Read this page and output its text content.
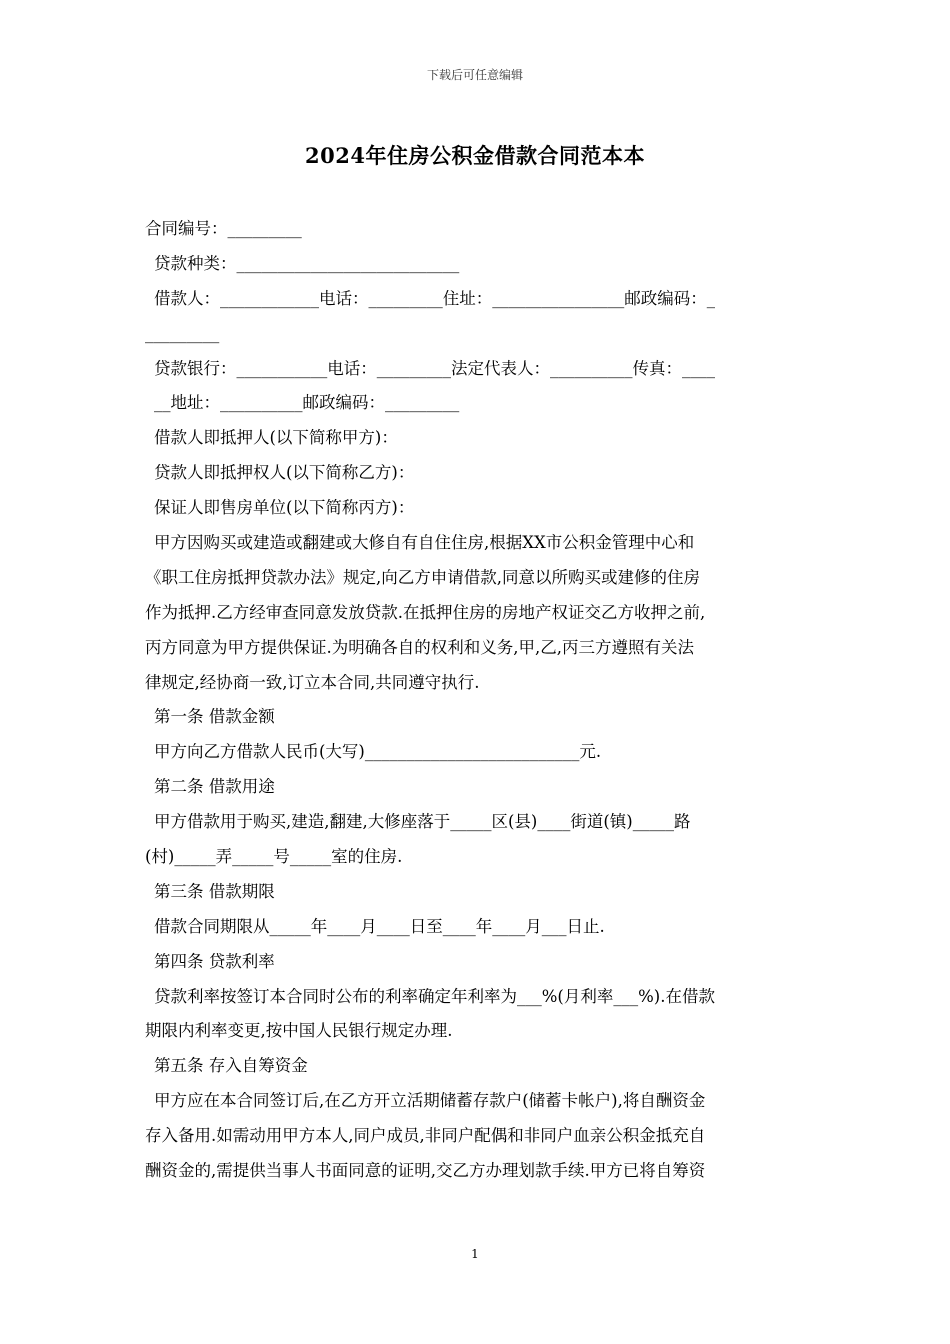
下载后可任意编辑
2024年住房公积金借款合同范本本
合同编号：_________
贷款种类：___________________________
借款人：____________电话：_________住址：________________邮政编码：_
_________
贷款银行：___________电话：_________法定代表人：__________传真：____
__地址：__________邮政编码：_________
借款人即抵押人(以下简称甲方)：
贷款人即抵押权人(以下简称乙方)：
保证人即售房单位(以下简称丙方)：
甲方因购买或建造或翻建或大修自有自住住房,根据XX市公积金管理中心和
《职工住房抵押贷款办法》规定,向乙方申请借款,同意以所购买或建修的住房
作为抵押.乙方经审查同意发放贷款.在抵押住房的房地产权证交乙方收押之前,
丙方同意为甲方提供保证.为明确各自的权利和义务,甲,乙,丙三方遵照有关法
律规定,经协商一致,订立本合同,共同遵守执行.
第一条 借款金额
甲方向乙方借款人民币(大写)__________________________元.
第二条 借款用途
甲方借款用于购买,建造,翻建,大修座落于_____区(县)____街道(镇)_____路
(村)_____弄_____号_____室的住房.
第三条 借款期限
借款合同期限从_____年____月____日至____年____月___日止.
第四条 贷款利率
贷款利率按签订本合同时公布的利率确定年利率为___%(月利率___%).在借款
期限内利率变更,按中国人民银行规定办理.
第五条 存入自筹资金
甲方应在本合同签订后,在乙方开立活期储蓄存款户(储蓄卡帐户),将自酬资金
存入备用.如需动用甲方本人,同户成员,非同户配偶和非同户血亲公积金抵充自
酬资金的,需提供当事人书面同意的证明,交乙方办理划款手续.甲方已将自筹资
1
